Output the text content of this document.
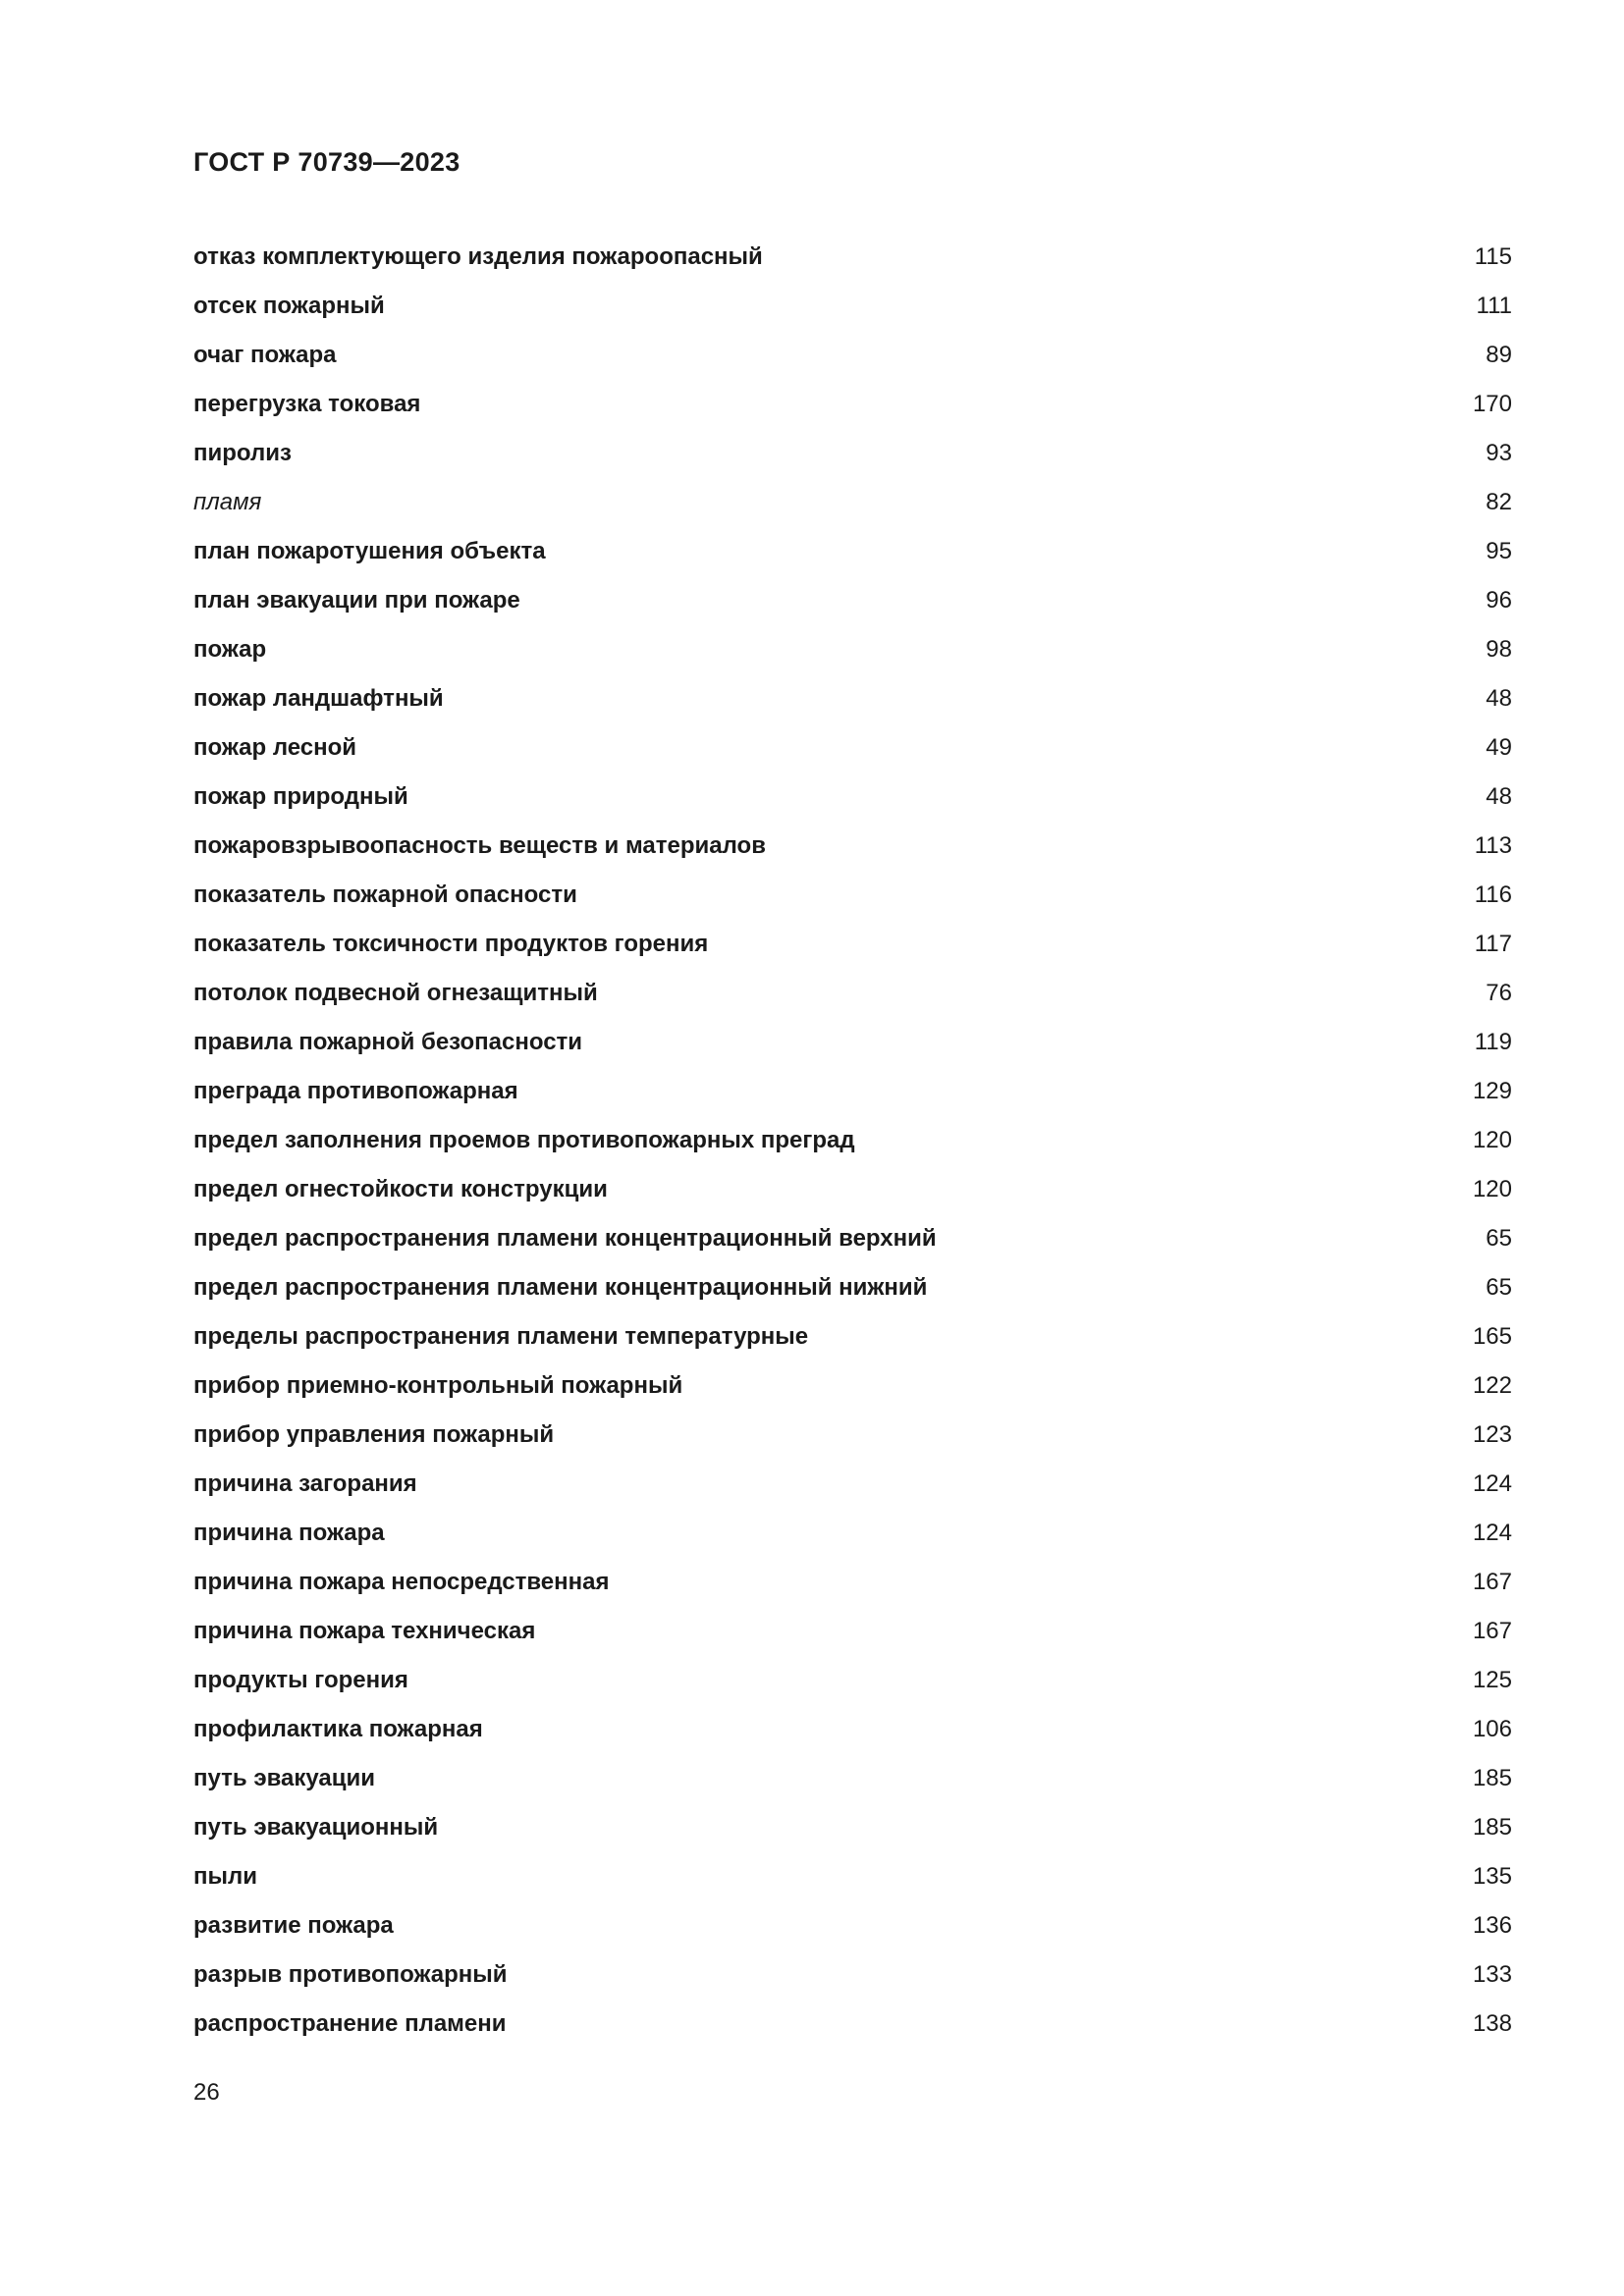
ГОСТ Р 70739—2023
отказ комплектующего изделия пожароопасный	115
отсек пожарный	111
очаг пожара	89
перегрузка токовая	170
пиролиз	93
пламя	82
план пожаротушения объекта	95
план эвакуации при пожаре	96
пожар	98
пожар ландшафтный	48
пожар лесной	49
пожар природный	48
пожаровзрывоопасность веществ и материалов	113
показатель пожарной опасности	116
показатель токсичности продуктов горения	117
потолок подвесной огнезащитный	76
правила пожарной безопасности	119
преграда противопожарная	129
предел заполнения проемов противопожарных преград	120
предел огнестойкости конструкции	120
предел распространения пламени концентрационный верхний	65
предел распространения пламени концентрационный нижний	65
пределы распространения пламени температурные	165
прибор приемно-контрольный пожарный	122
прибор управления пожарный	123
причина загорания	124
причина пожара	124
причина пожара непосредственная	167
причина пожара техническая	167
продукты горения	125
профилактика пожарная	106
путь эвакуации	185
путь эвакуационный	185
пыли	135
развитие пожара	136
разрыв противопожарный	133
распространение пламени	138
26
